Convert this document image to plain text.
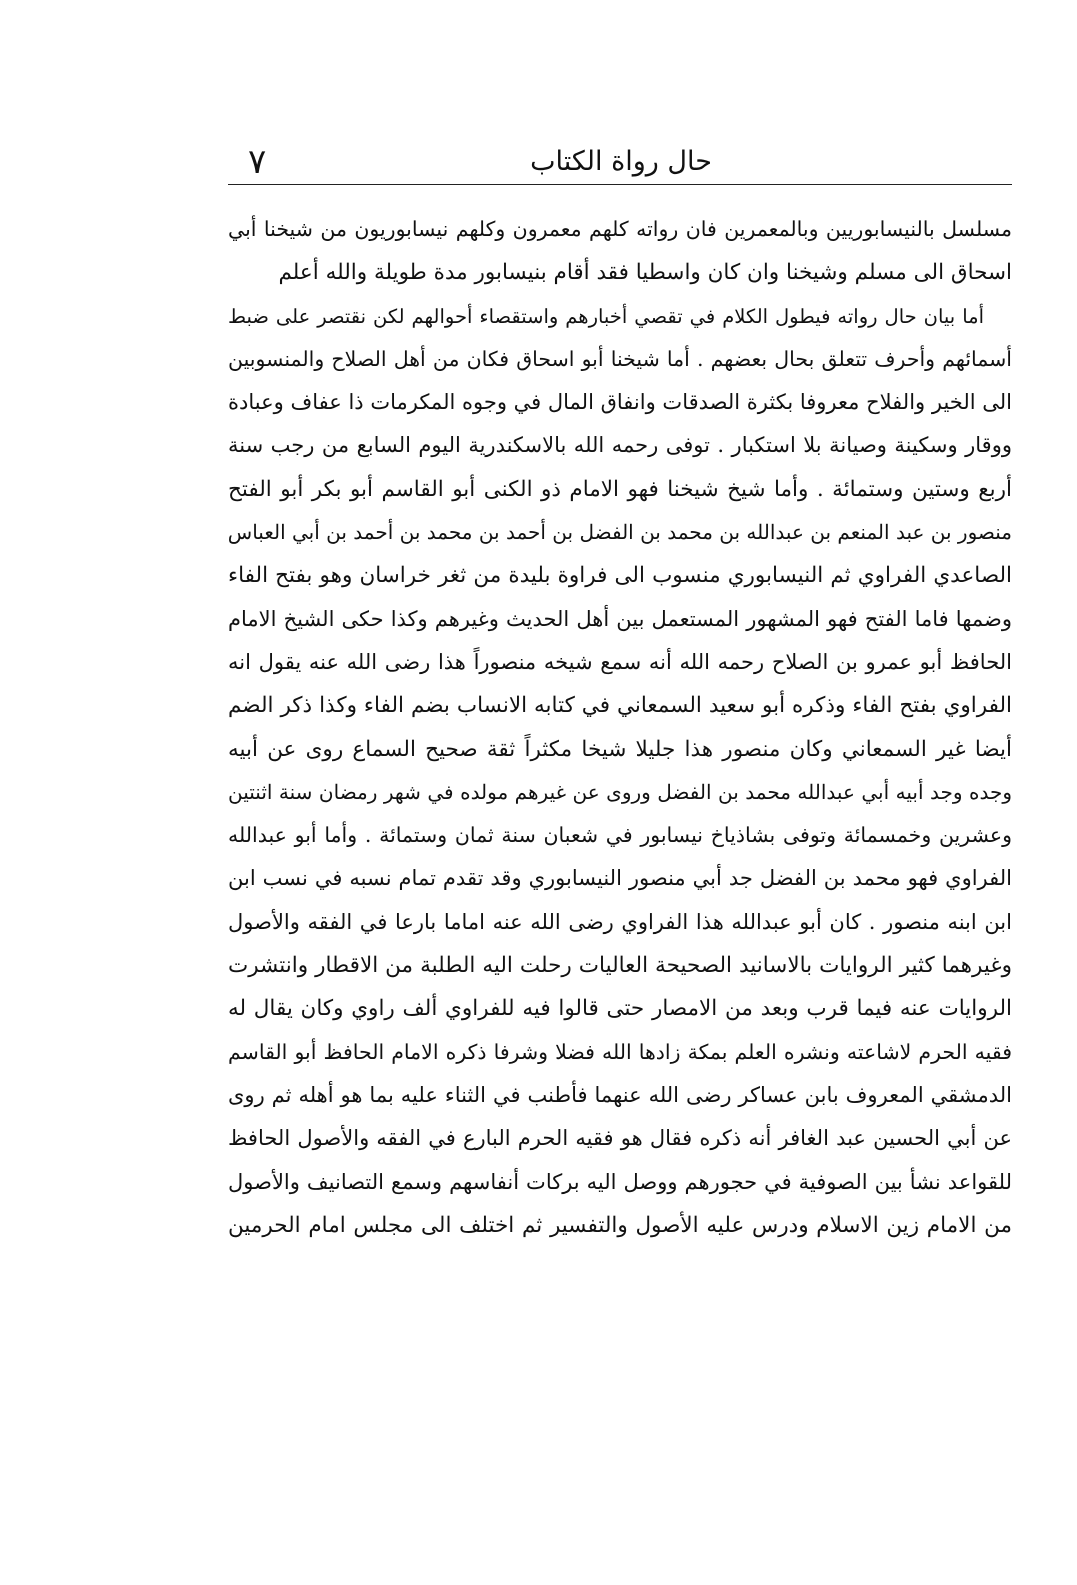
٧	حال رواة الكتاب
مسلسل بالنيسابوريين وبالمعمرين فان رواته كلهم معمرون وكلهم نيسابوريون من شيخنا أبي
اسحاق الى مسلم وشيخنا وان كان واسطيا فقد أقام بنيسابور مدة طويلة والله أعلم
أما بيان حال رواته فيطول الكلام في تقصي أخبارهم واستقصاء أحوالهم لكن نقتصر على ضبط
أسمائهم وأحرف تتعلق بحال بعضهم . أما شيخنا أبو اسحاق فكان من أهل الصلاح والمنسوبين
الى الخير والفلاح معروفا بكثرة الصدقات وانفاق المال في وجوه المكرمات ذا عفاف وعبادة
ووقار وسكينة وصيانة بلا استكبار . توفى رحمه الله بالاسكندرية اليوم السابع من رجب سنة
أربع وستين وستمائة . وأما شيخ شيخنا فهو الامام ذو الكنى أبو القاسم أبو بكر أبو الفتح
منصور بن عبد المنعم بن عبدالله بن محمد بن الفضل بن أحمد بن محمد بن أحمد بن أبي العباس
الصاعدي الفراوي ثم النيسابوري منسوب الى فراوة بليدة من ثغر خراسان وهو بفتح الفاء
وضمها فاما الفتح فهو المشهور المستعمل بين أهل الحديث وغيرهم وكذا حكى الشيخ الامام
الحافظ أبو عمرو بن الصلاح رحمه الله أنه سمع شيخه منصوراً هذا رضى الله عنه يقول انه
الفراوي بفتح الفاء وذكره أبو سعيد السمعاني في كتابه الانساب بضم الفاء وكذا ذكر الضم
أيضا غير السمعاني وكان منصور هذا جليلا شيخا مكثراً ثقة صحيح السماع روى عن أبيه
وجده وجد أبيه أبي عبدالله محمد بن الفضل وروى عن غيرهم مولده في شهر رمضان سنة اثنتين
وعشرين وخمسمائة وتوفى بشاذياخ نيسابور في شعبان سنة ثمان وستمائة . وأما أبو عبدالله
الفراوي فهو محمد بن الفضل جد أبي منصور النيسابوري وقد تقدم تمام نسبه في نسب ابن
ابن ابنه منصور . كان أبو عبدالله هذا الفراوي رضى الله عنه اماما بارعا في الفقه والأصول
وغيرهما كثير الروايات بالاسانيد الصحيحة العاليات رحلت اليه الطلبة من الاقطار وانتشرت
الروايات عنه فيما قرب وبعد من الامصار حتى قالوا فيه للفراوي ألف راوي وكان يقال له
فقيه الحرم لاشاعته ونشره العلم بمكة زادها الله فضلا وشرفا ذكره الامام الحافظ أبو القاسم
الدمشقي المعروف بابن عساكر رضى الله عنهما فأطنب في الثناء عليه بما هو أهله ثم روى
عن أبي الحسين عبد الغافر أنه ذكره فقال هو فقيه الحرم البارع في الفقه والأصول الحافظ
للقواعد نشأ بين الصوفية في حجورهم ووصل اليه بركات أنفاسهم وسمع التصانيف والأصول
من الامام زين الاسلام ودرس عليه الأصول والتفسير ثم اختلف الى مجلس امام الحرمين
